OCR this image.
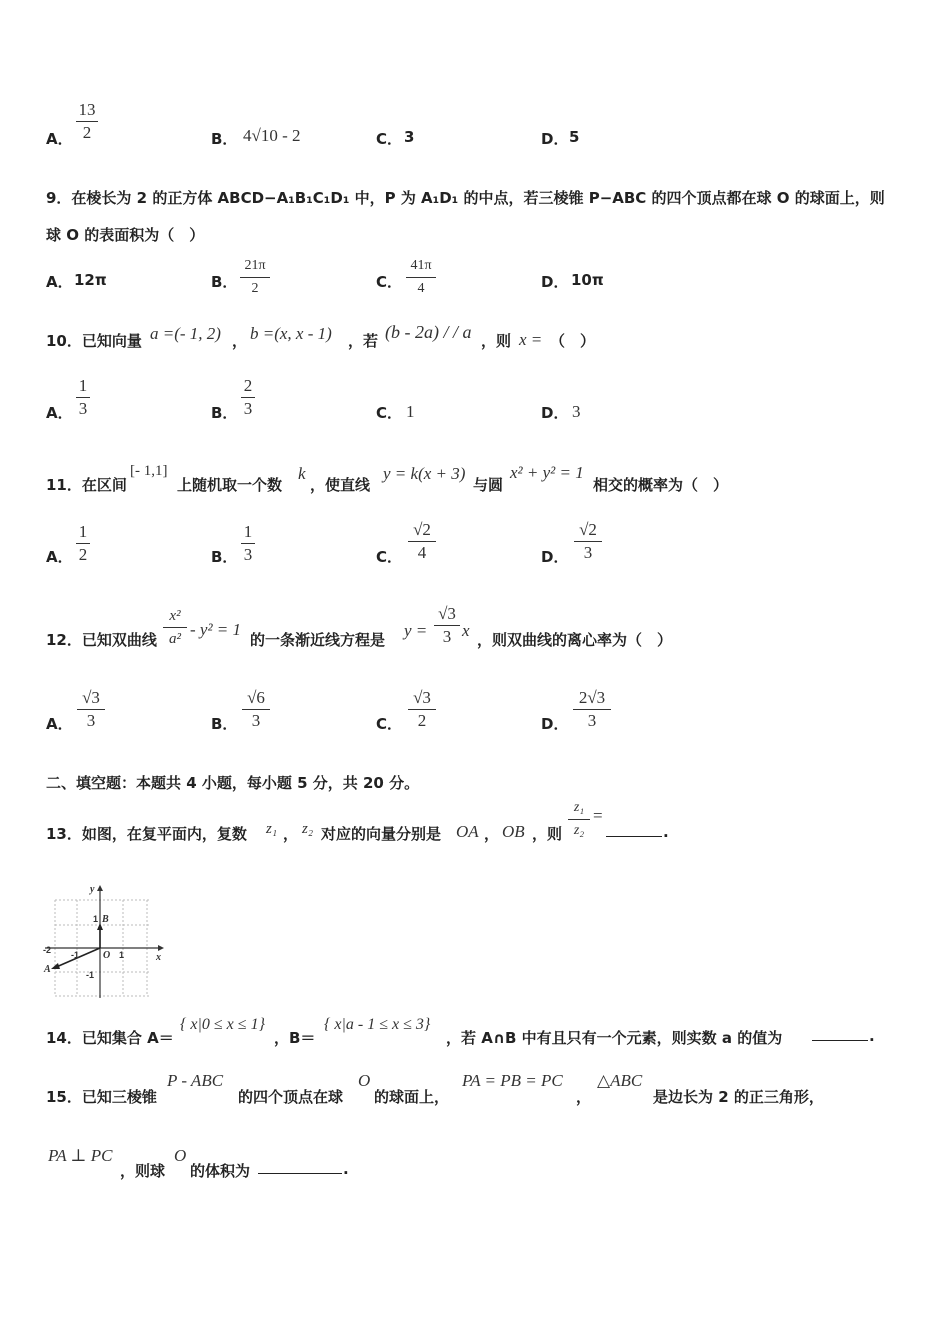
A．
13
2	B． 4√10 - 2	C． 3	D． 5
9．在棱长为 2 的正方体 ABCD−A₁B₁C₁D₁ 中，P 为 A₁D₁ 的中点，若三棱锥 P−ABC 的四个顶点都在球 O 的球面上，则
球 O 的表面积为（　）
A． 12π	B．
21π
2	C．
41π
4	D． 10π
10．已知向量 a =(- 1, 2) ， b =(x, x - 1) ，若 (b - 2a) / / a ，则 x = （　）
A．
1
3	B．
2
3	C． 1	D． 3
11．在区间
[- 1,1]
上随机取一个数
k
，使直线
y = k(x + 3)
与圆
x² + y² = 1
相交的概率为（　）
A．
1
2	B．
1
3	C．
√2
4	D．
√2
3
12．已知双曲线
x²
a² - y² = 1
的一条渐近线方程是 y =
√3
3 x ，则双曲线的离心率为（　）
A．
√3
3	B．
√6
3	C．
√3
2	D．
2√3
3
二、填空题：本题共 4 小题，每小题 5 分，共 20 分。
13．如图，在复平面内，复数 z₁ ， z₂ 对应的向量分别是 OA ， OB ，则
z₁
z₂
=
.
y
x
B
A
O
1
1
-1
-2
-1
14．已知集合 A＝
{ x|0 ≤ x ≤ 1}
，B＝
{ x|a - 1 ≤ x ≤ 3}
，若 A∩B 中有且只有一个元素，则实数 a 的值为	.
15．已知三棱锥
P - ABC
的四个顶点在球
O
的球面上，
PA = PB = PC
，
△ABC
是边长为 2 的正三角形，
PA ⊥ PC
，则球
O
的体积为	.
